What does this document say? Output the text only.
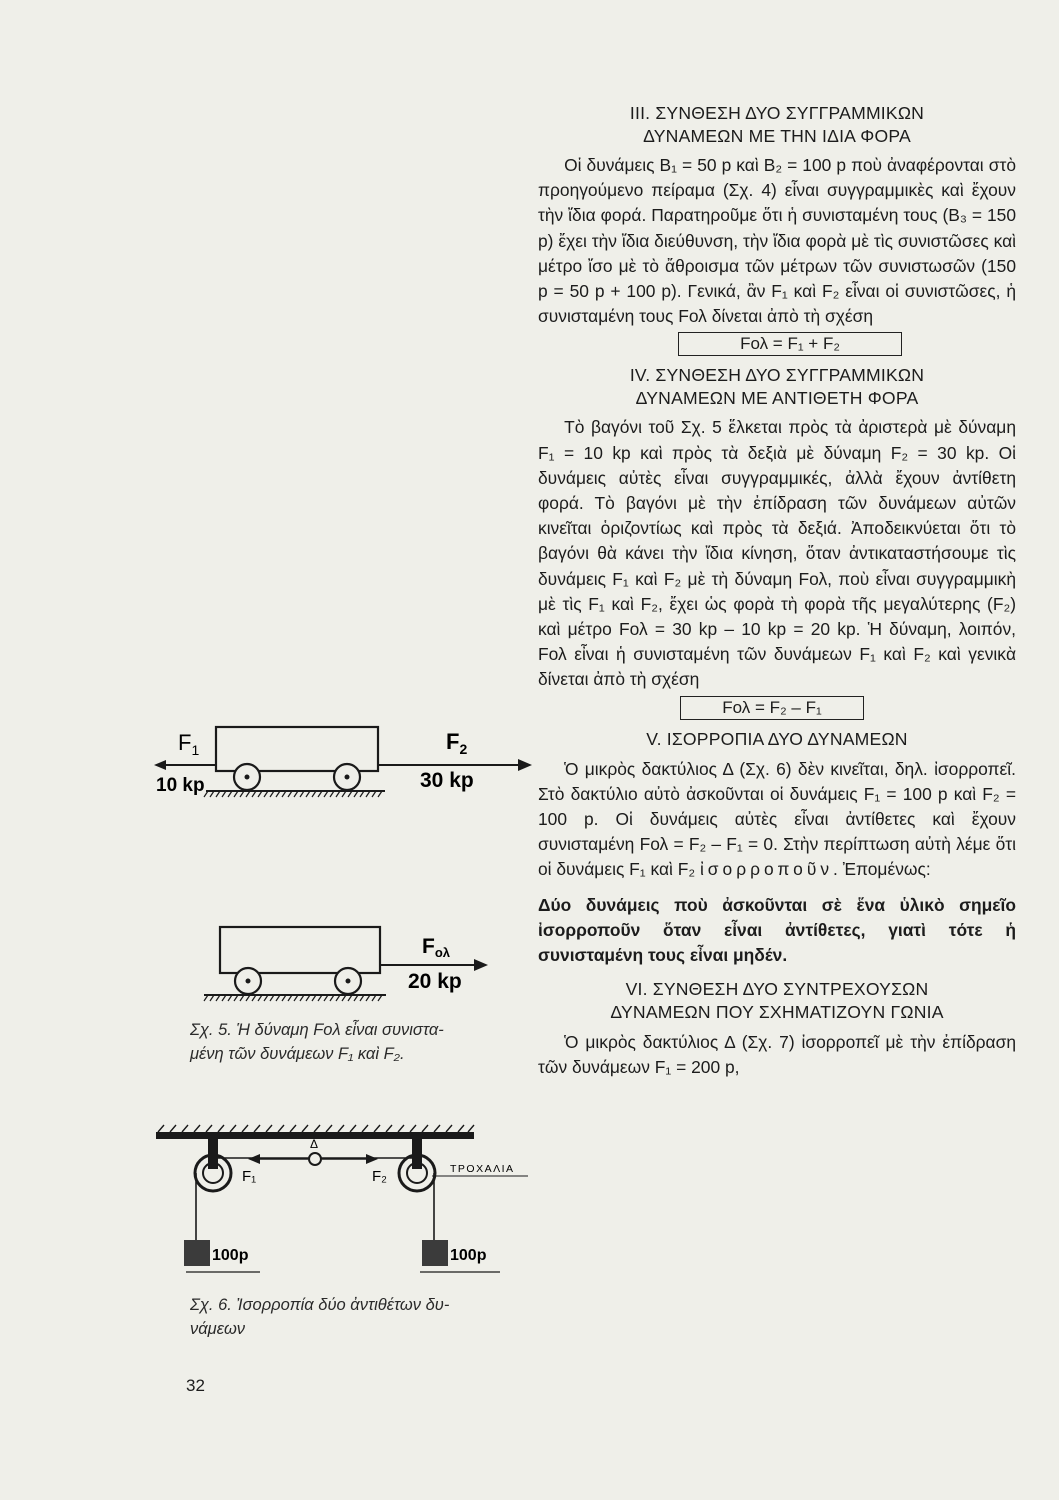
III. ΣΥΝΘΕΣΗ ΔΥΟ ΣΥΓΓΡΑΜΜΙΚΩΝ
ΔΥΝΑΜΕΩΝ ΜΕ ΤΗΝ ΙΔΙΑ ΦΟΡΑ

Οἱ δυνάμεις B₁ = 50 p καὶ B₂ = 100 p ποὺ ἀναφέρονται στὸ προηγούμενο πείραμα (Σχ. 4) εἶναι συγγραμμικὲς καὶ ἔχουν τὴν ἴδια φορά. Παρατηροῦμε ὅτι ἡ συνισταμένη τους (B₃ = 150 p) ἔχει τὴν ἴδια διεύθυνση, τὴν ἴδια φορὰ μὲ τὶς συνιστῶσες καὶ μέτρο ἴσο μὲ τὸ ἄθροισμα τῶν μέτρων τῶν συνιστωσῶν (150 p = 50 p + 100 p). Γενικά, ἂν F₁ καὶ F₂ εἶναι οἱ συνιστῶσες, ἡ συνισταμένη τους Fολ δίνεται ἀπὸ τὴ σχέση

Fολ = F₁ + F₂
IV. ΣΥΝΘΕΣΗ ΔΥΟ ΣΥΓΓΡΑΜΜΙΚΩΝ
ΔΥΝΑΜΕΩΝ ΜΕ ΑΝΤΙΘΕΤΗ ΦΟΡΑ

Τὸ βαγόνι τοῦ Σχ. 5 ἕλκεται πρὸς τὰ ἀριστερὰ μὲ δύναμη F₁ = 10 kp καὶ πρὸς τὰ δεξιὰ μὲ δύναμη F₂ = 30 kp. Οἱ δυνάμεις αὐτὲς εἶναι συγγραμμικές, ἀλλὰ ἔχουν ἀντίθετη φορά. Τὸ βαγόνι μὲ τὴν ἐπίδραση τῶν δυνάμεων αὐτῶν κινεῖται ὁριζοντίως καὶ πρὸς τὰ δεξιά. Ἀποδεικνύεται ὅτι τὸ βαγόνι θὰ κάνει τὴν ἴδια κίνηση, ὅταν ἀντικαταστήσουμε τὶς δυνάμεις F₁ καὶ F₂ μὲ τὴ δύναμη Fολ, ποὺ εἶναι συγγραμμικὴ μὲ τὶς F₁ καὶ F₂, ἔχει ὡς φορὰ τὴ φορὰ τῆς μεγαλύτερης (F₂) καὶ μέτρο Fολ = 30 kp – 10 kp = 20 kp. Ἡ δύναμη, λοιπόν, Fολ εἶναι ἡ συνισταμένη τῶν δυνάμεων F₁ καὶ F₂ καὶ γενικὰ δίνεται ἀπὸ τὴ σχέση

Fολ = F₂ – F₁
V. ΙΣΟΡΡΟΠΙΑ ΔΥΟ ΔΥΝΑΜΕΩΝ

Ὁ μικρὸς δακτύλιος Δ (Σχ. 6) δὲν κινεῖται, δηλ. ἰσορροπεῖ. Στὸ δακτύλιο αὐτὸ ἀσκοῦνται οἱ δυνάμεις F₁ = 100 p καὶ F₂ = 100 p. Οἱ δυνάμεις αὐτὲς εἶναι ἀντίθετες καὶ ἔχουν συνισταμένη Fολ = F₂ – F₁ = 0. Στὴν περίπτωση αὐτὴ λέμε ὅτι οἱ δυνάμεις F₁ καὶ F₂ ἰσορροποῦν. Ἐπομένως:

Δύο δυνάμεις ποὺ ἀσκοῦνται σὲ ἕνα ὑλικὸ σημεῖο ἰσορροποῦν ὅταν εἶναι ἀντίθετες, γιατὶ τότε ἡ συνισταμένη τους εἶναι μηδέν.

VI. ΣΥΝΘΕΣΗ ΔΥΟ ΣΥΝΤΡΕΧΟΥΣΩΝ
ΔΥΝΑΜΕΩΝ ΠΟΥ ΣΧΗΜΑΤΙΖΟΥΝ ΓΩΝΙΑ

Ὁ μικρὸς δακτύλιος Δ (Σχ. 7) ἰσορροπεῖ μὲ τὴν ἐπίδραση τῶν δυνάμεων F₁ = 200 p,

$F_1$
10 kp
$F_2$
30 kp
Fολ
20 kp
Σχ. 5. Ἡ δύναμη Fολ εἶναι συνιστα-
μένη τῶν δυνάμεων F₁ καὶ F₂.
Δ
F₁	F₂	ΤΡΟΧΑΛΙΑ
100p	100p
Σχ. 6. Ἰσορροπία δύο ἀντιθέτων δυ-
νάμεων
32
